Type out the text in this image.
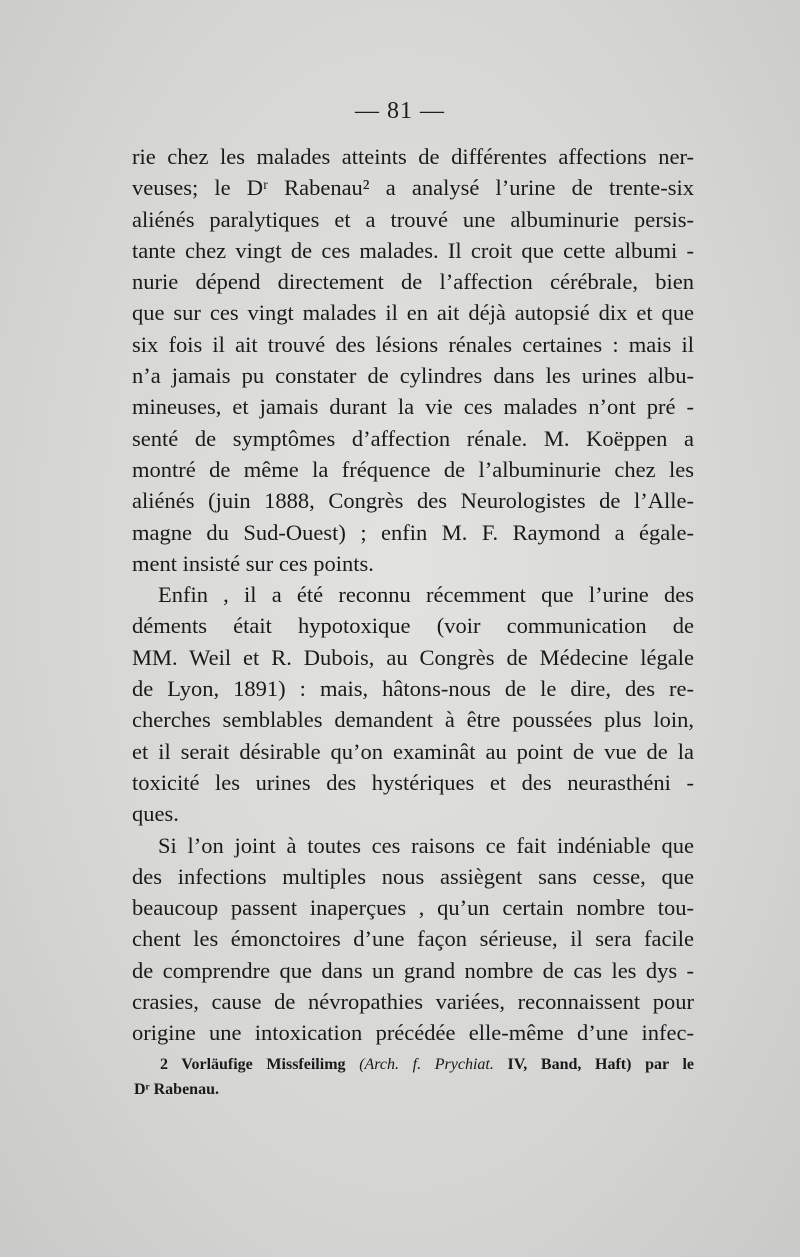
— 81 —
rie chez les malades atteints de différentes affections ner-
veuses; le Dʳ Rabenau² a analysé l’urine de trente-six
aliénés paralytiques et a trouvé une albuminurie persis-
tante chez vingt de ces malades. Il croit que cette albumi -
nurie dépend directement de l’affection cérébrale, bien
que sur ces vingt malades il en ait déjà autopsié dix et que
six fois il ait trouvé des lésions rénales certaines : mais il
n’a jamais pu constater de cylindres dans les urines albu-
mineuses, et jamais durant la vie ces malades n’ont pré -
senté de symptômes d’affection rénale. M. Koëppen a
montré de même la fréquence de l’albuminurie chez les
aliénés (juin 1888, Congrès des Neurologistes de l’Alle-
magne du Sud-Ouest) ; enfin M. F. Raymond a égale-
ment insisté sur ces points.
Enfin , il a été reconnu récemment que l’urine des
déments était hypotoxique (voir communication de
MM. Weil et R. Dubois, au Congrès de Médecine légale
de Lyon, 1891) : mais, hâtons-nous de le dire, des re-
cherches semblables demandent à être poussées plus loin,
et il serait désirable qu’on examinât au point de vue de la
toxicité les urines des hystériques et des neurasthéni -
ques.
Si l’on joint à toutes ces raisons ce fait indéniable que
des infections multiples nous assiègent sans cesse, que
beaucoup passent inaperçues , qu’un certain nombre tou-
chent les émonctoires d’une façon sérieuse, il sera facile
de comprendre que dans un grand nombre de cas les dys -
crasies, cause de névropathies variées, reconnaissent pour
origine une intoxication précédée elle-même d’une infec-
2 Vorläufige Missfeilimg (Arch. f. Prychiat. IV, Band, Haft) par le
Dʳ Rabenau.
